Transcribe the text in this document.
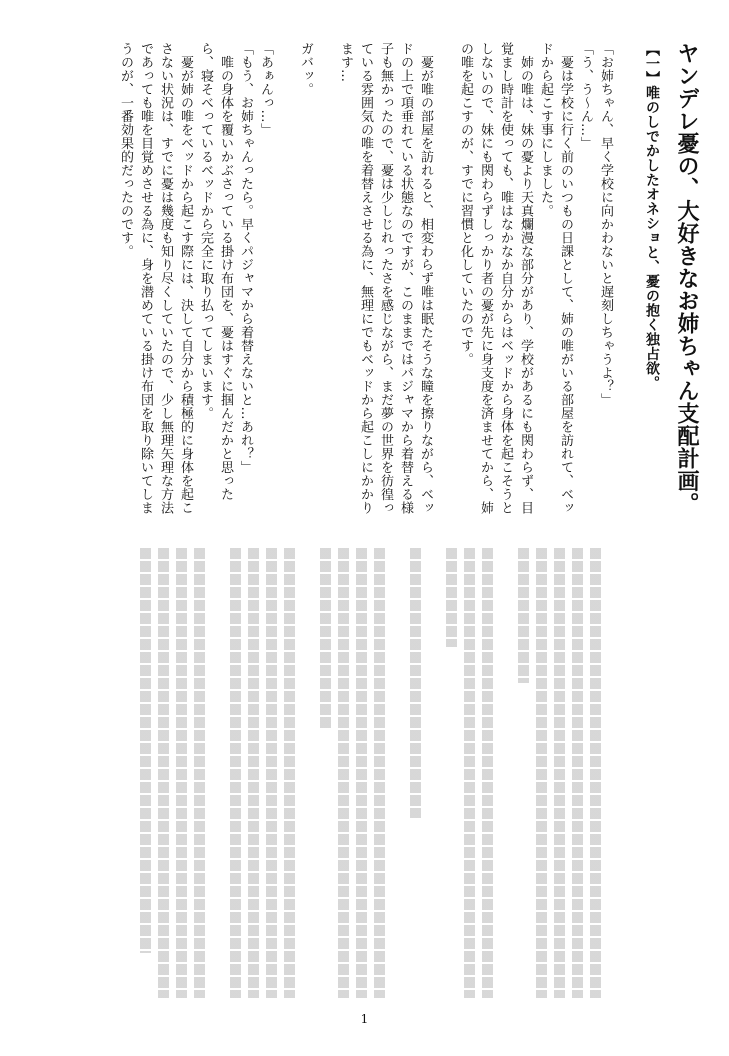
ヤンデレ憂の、大好きなお姉ちゃん支配計画。
【一】唯のしでかしたオネショと、憂の抱く独占欲。

「お姉ちゃん、早く学校に向かわないと遅刻しちゃうよ？」

「う、う〜ん…」

　憂は学校に行く前のいつもの日課として、姉の唯がいる部屋を訪れて、ベッドから起こす事にしました。

　姉の唯は、妹の憂より天真爛漫な部分があり、学校があるにも関わらず、目覚まし時計を使っても、唯はなかなか自分からはベッドから身体を起こそうとしないので、妹にも関わらずしっかり者の憂が先に身支度を済ませてから、姉の唯を起こすのが、すでに習慣と化していたのです。

　憂が唯の部屋を訪れると、相変わらず唯は眠たそうな瞳を擦りながら、ベッドの上で項垂れている状態なのですが、このままではパジャマから着替える様子も無かったので、憂は少しじれったさを感じながら、まだ夢の世界を彷徨っている雰囲気の唯を着替えさせる為に、無理にでもベッドから起こしにかかります…

ガバッ。

「あぁんっ…」

「もう、お姉ちゃんったら。早くパジャマから着替えないと…あれ？」

　唯の身体を覆いかぶさっている掛け布団を、憂はすぐに掴んだかと思ったら、寝そべっているベッドから完全に取り払ってしまいます。

　憂が姉の唯をベッドから起こす際には、決して自分から積極的に身体を起こさない状況は、すでに憂は幾度も知り尽くしていたので、少し無理矢理な方法であっても唯を目覚めさせる為に、身を潜めている掛け布団を取り除いてしまうのが、一番効果的だったのです。

1
